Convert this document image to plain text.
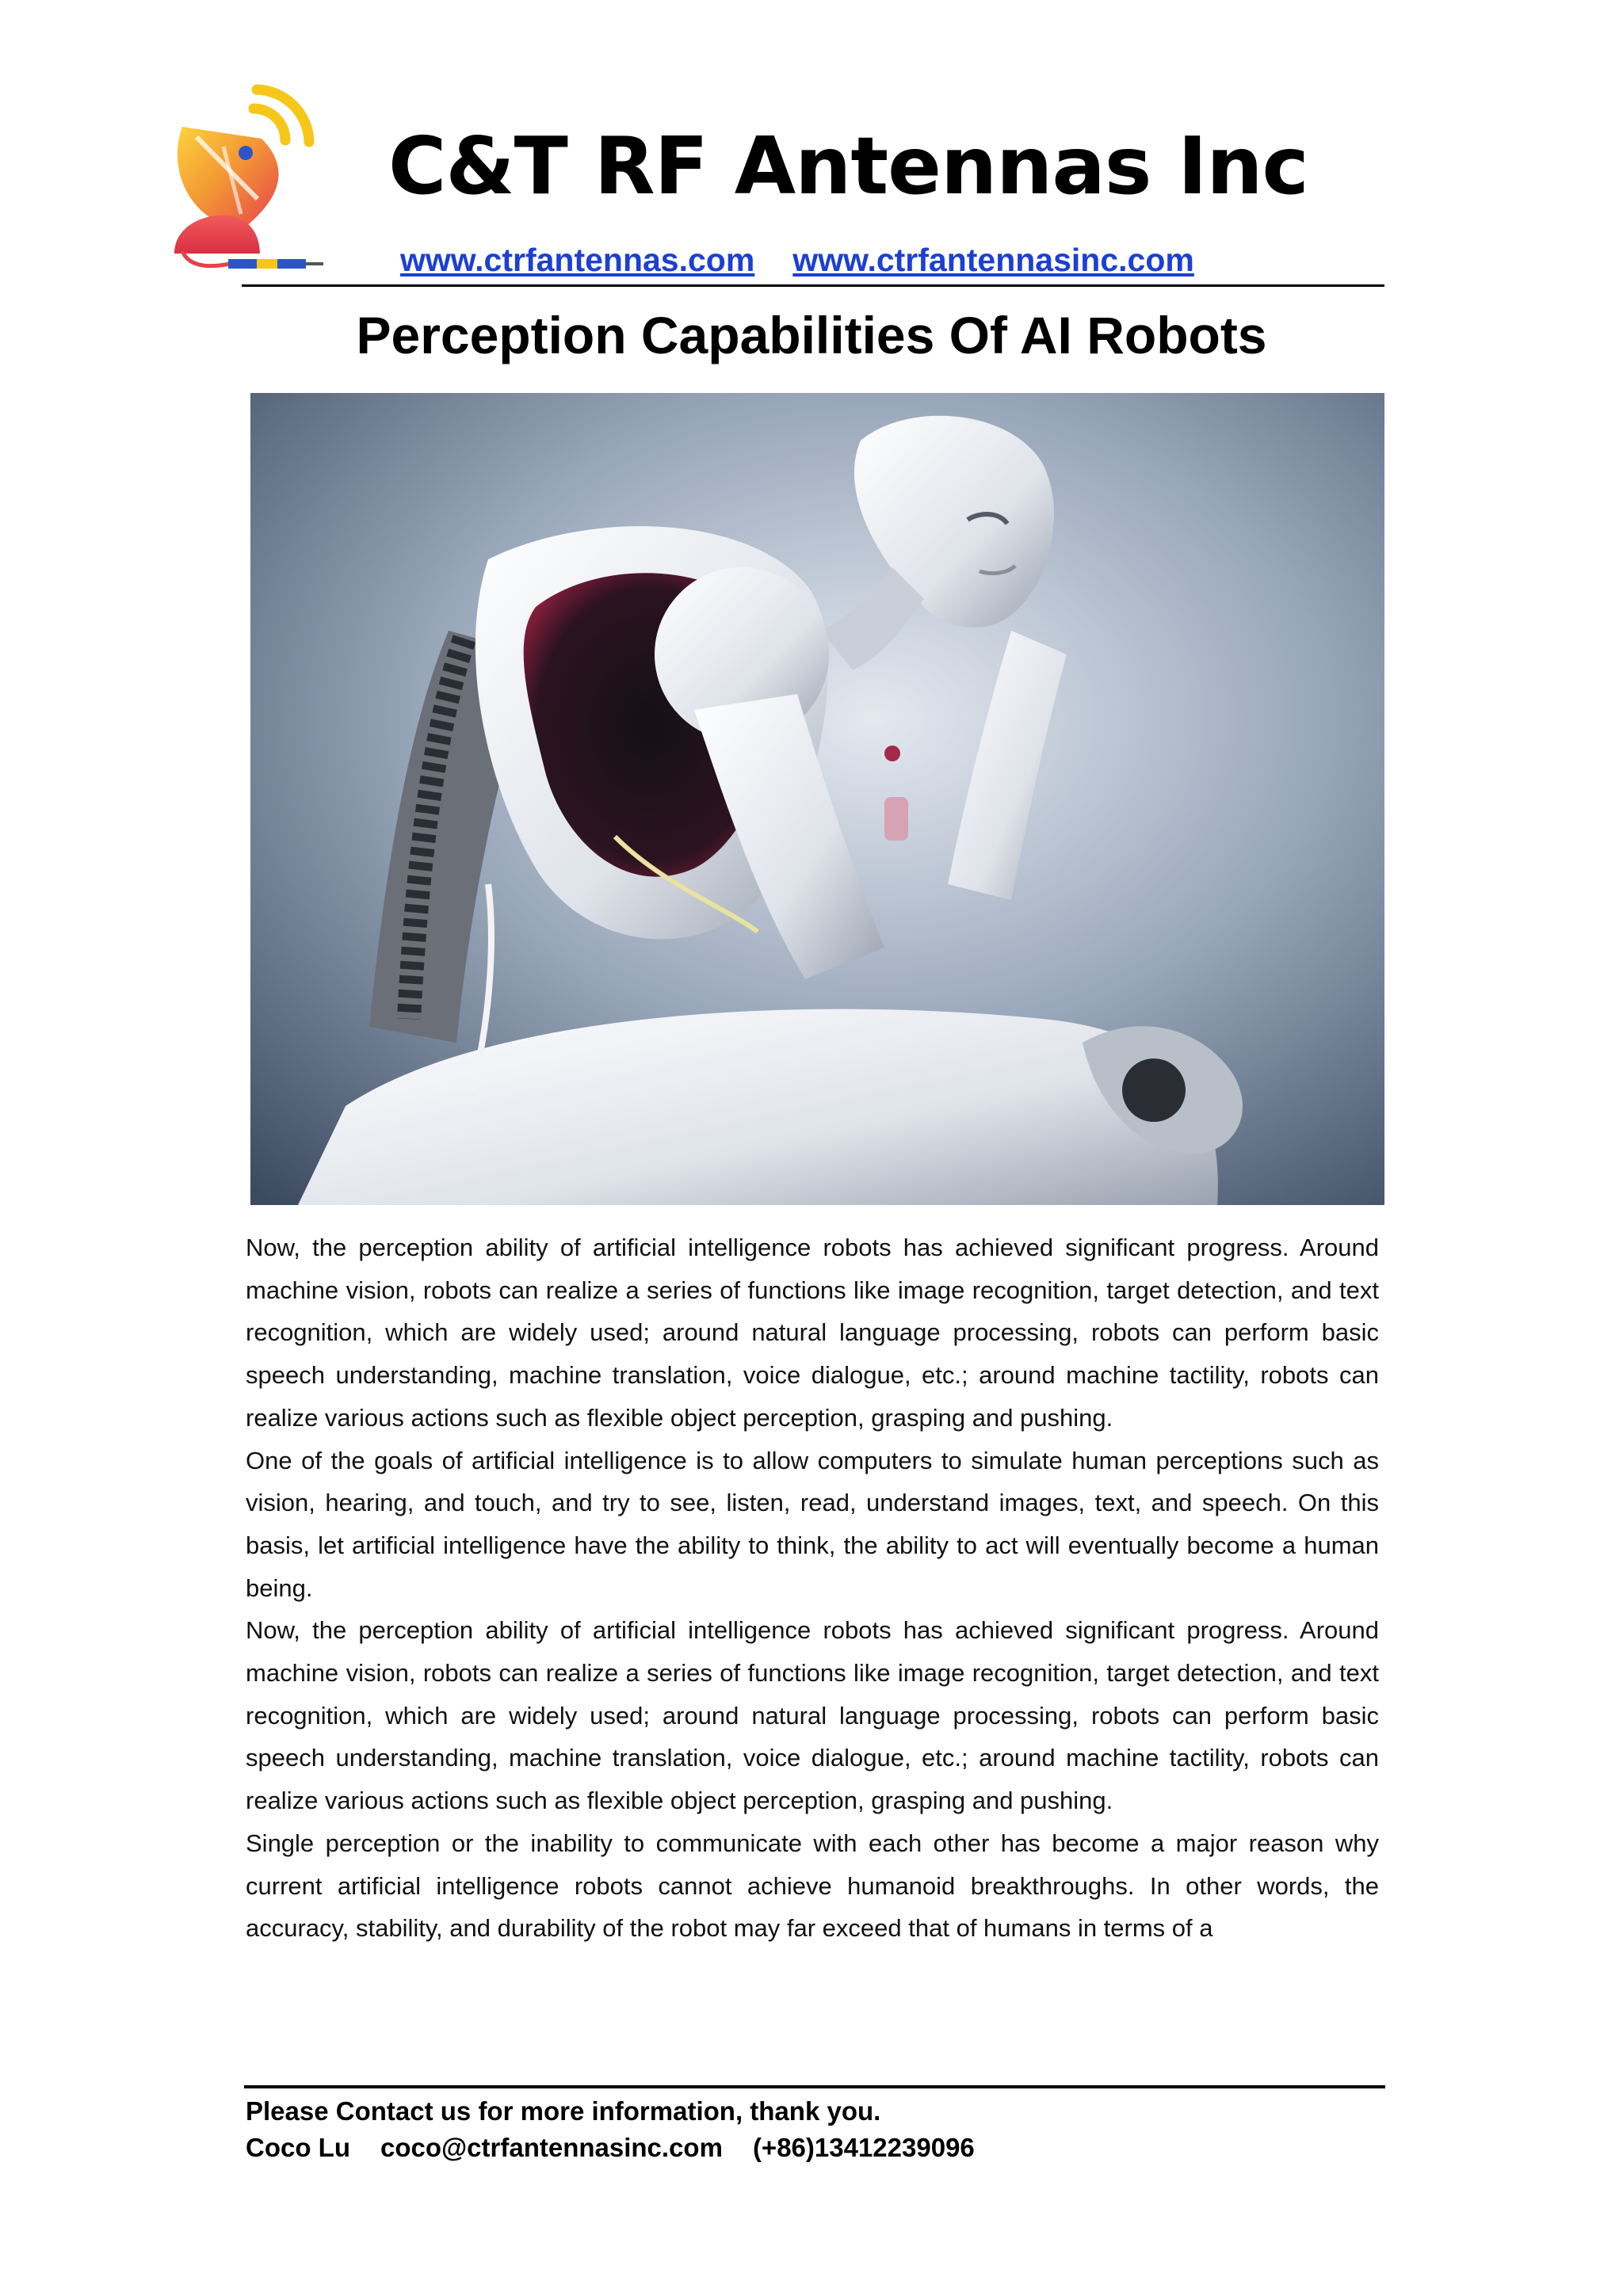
C&T RF Antennas Inc
www.ctrfantennas.com www.ctrfantennasinc.com
Perception Capabilities Of AI Robots

Now, the perception ability of artificial intelligence robots has achieved significant progress. Around machine vision, robots can realize a series of functions like image recognition, target detection, and text recognition, which are widely used; around natural language processing, robots can perform basic speech understanding, machine translation, voice dialogue, etc.; around machine tactility, robots can realize various actions such as flexible object perception, grasping and pushing.

One of the goals of artificial intelligence is to allow computers to simulate human perceptions such as vision, hearing, and touch, and try to see, listen, read, understand images, text, and speech. On this basis, let artificial intelligence have the ability to think, the ability to act will eventually become a human being.

Now, the perception ability of artificial intelligence robots has achieved significant progress. Around machine vision, robots can realize a series of functions like image recognition, target detection, and text recognition, which are widely used; around natural language processing, robots can perform basic speech understanding, machine translation, voice dialogue, etc.; around machine tactility, robots can realize various actions such as flexible object perception, grasping and pushing.

Single perception or the inability to communicate with each other has become a major reason why current artificial intelligence robots cannot achieve humanoid breakthroughs. In other words, the accuracy, stability, and durability of the robot may far exceed that of humans in terms of a

Please Contact us for more information, thank you.
Coco Lu coco@ctrfantennasinc.com (+86)13412239096
